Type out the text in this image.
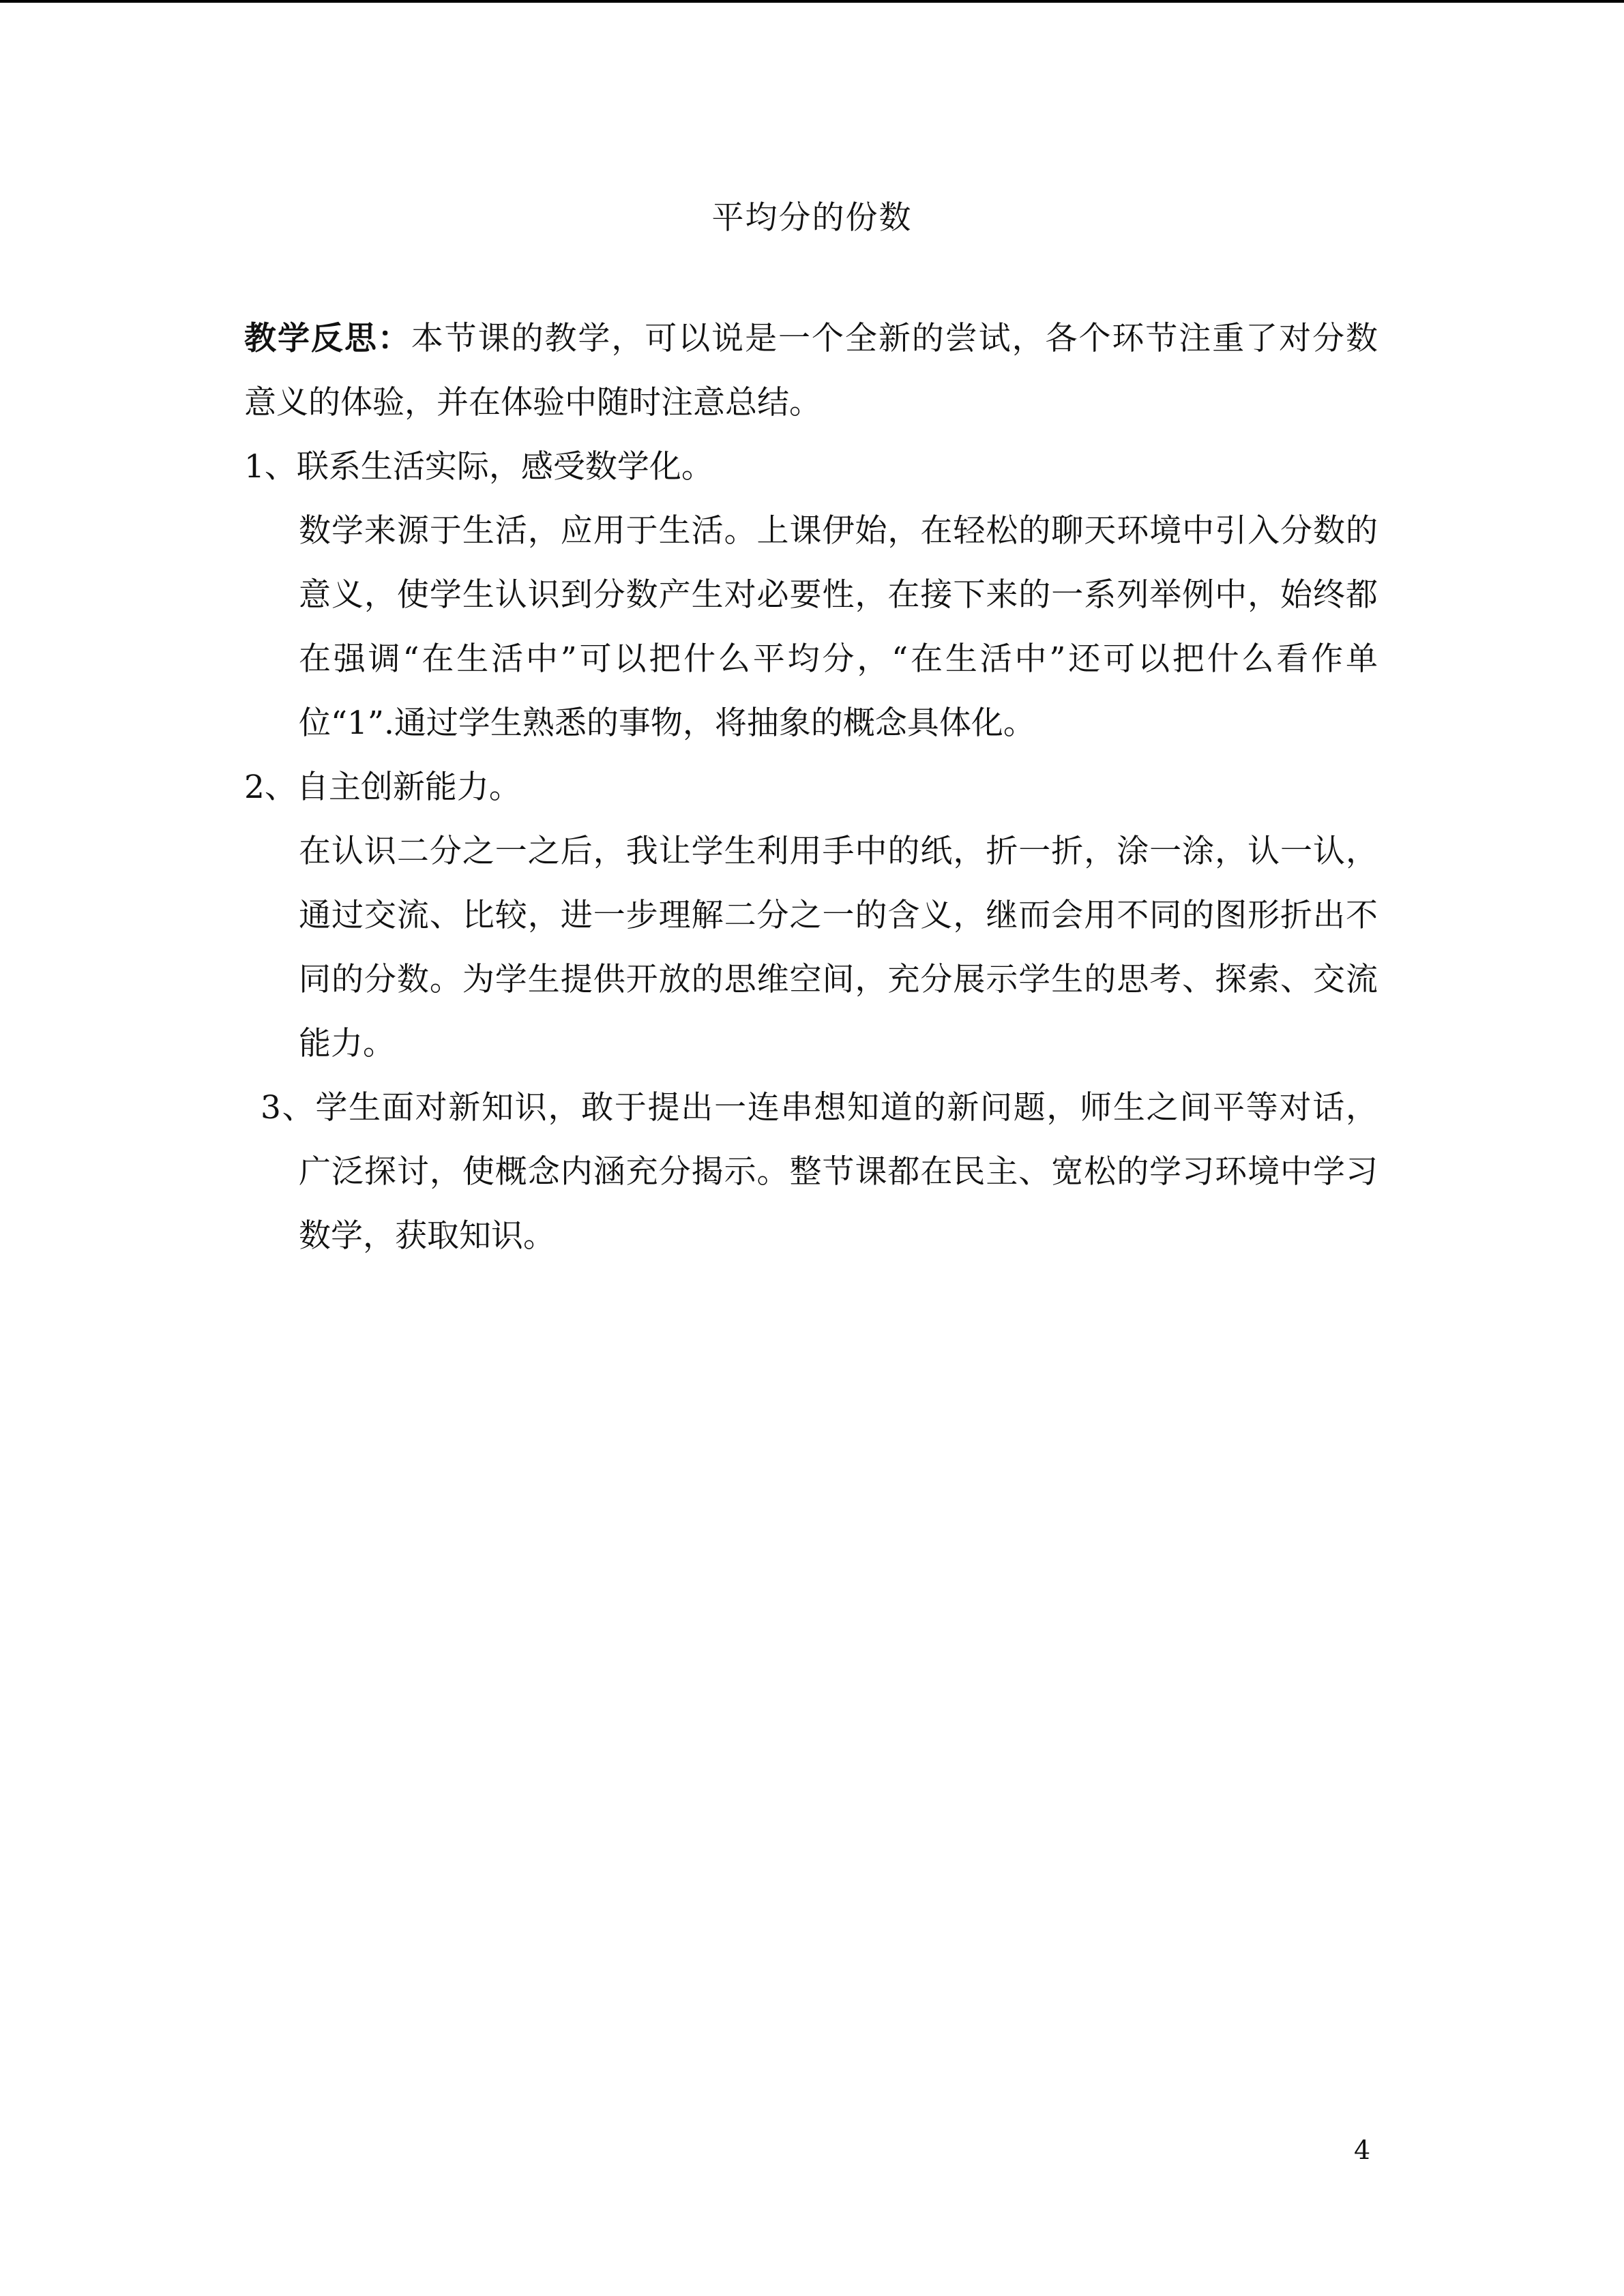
平均分的份数
教学反思：本节课的教学，可以说是一个全新的尝试，各个环节注重了对分数
意义的体验，并在体验中随时注意总结。
1、联系生活实际，感受数学化。
数学来源于生活，应用于生活。上课伊始，在轻松的聊天环境中引入分数的
意义，使学生认识到分数产生对必要性，在接下来的一系列举例中，始终都
在强调“在生活中”可以把什么平均分，“在生活中”还可以把什么看作单
位“1”.通过学生熟悉的事物，将抽象的概念具体化。
2、自主创新能力。
在认识二分之一之后，我让学生利用手中的纸，折一折，涂一涂，认一认，
通过交流、比较，进一步理解二分之一的含义，继而会用不同的图形折出不
同的分数。为学生提供开放的思维空间，充分展示学生的思考、探索、交流
能力。
3、学生面对新知识，敢于提出一连串想知道的新问题，师生之间平等对话，
广泛探讨，使概念内涵充分揭示。整节课都在民主、宽松的学习环境中学习
数学，获取知识。
4
